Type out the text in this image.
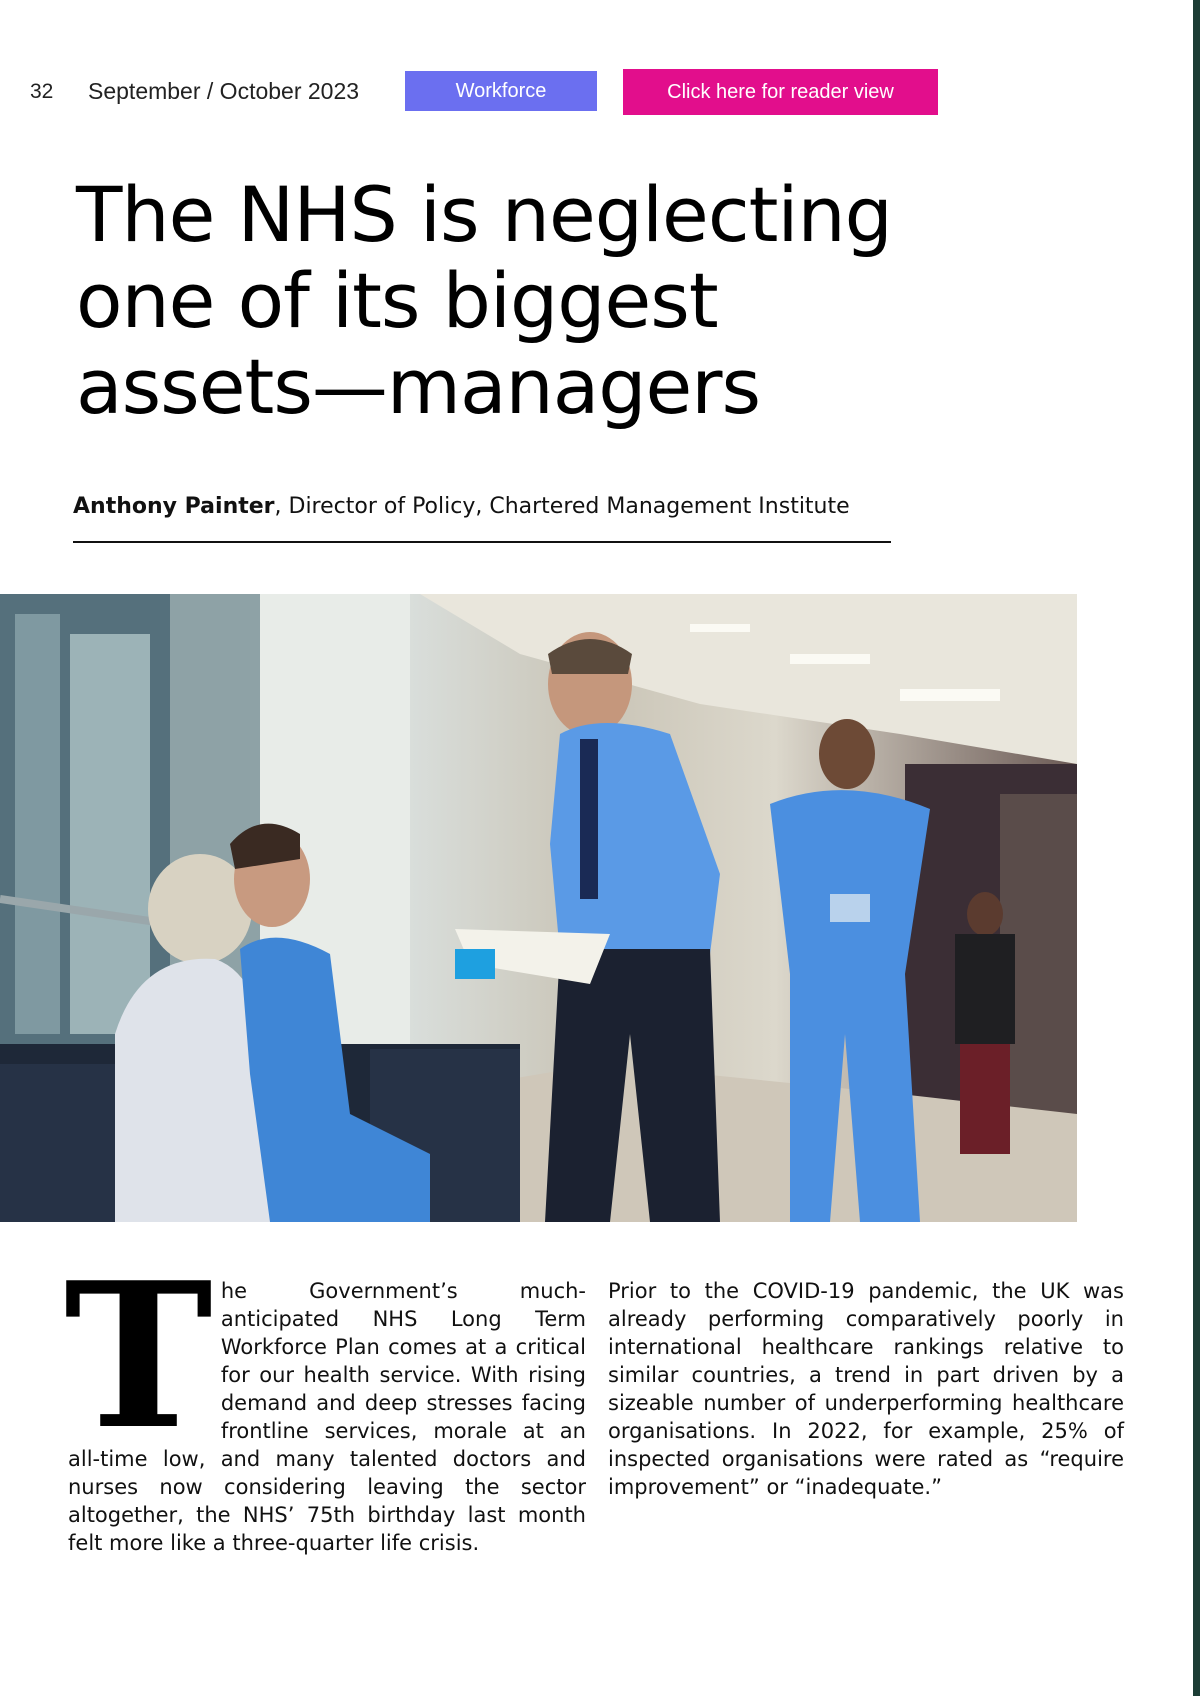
32 September / October 2023	Workforce	Click here for reader view
The NHS is neglecting one of its biggest assets—managers
Anthony Painter, Director of Policy, Chartered Management Institute
The Government’s much-anticipated NHS Long Term Workforce Plan comes at a critical for our health service. With rising demand and deep stresses facing frontline services, morale at an all-time low, and many talented doctors and nurses now considering leaving the sector altogether, the NHS’ 75th birthday last month felt more like a three-quarter life crisis.

Prior to the COVID-19 pandemic, the UK was already performing comparatively poorly in international healthcare rankings relative to similar countries, a trend in part driven by a sizeable number of underperforming healthcare organisations. In 2022, for example, 25% of inspected organisations were rated as “require improvement” or “inadequate.”
